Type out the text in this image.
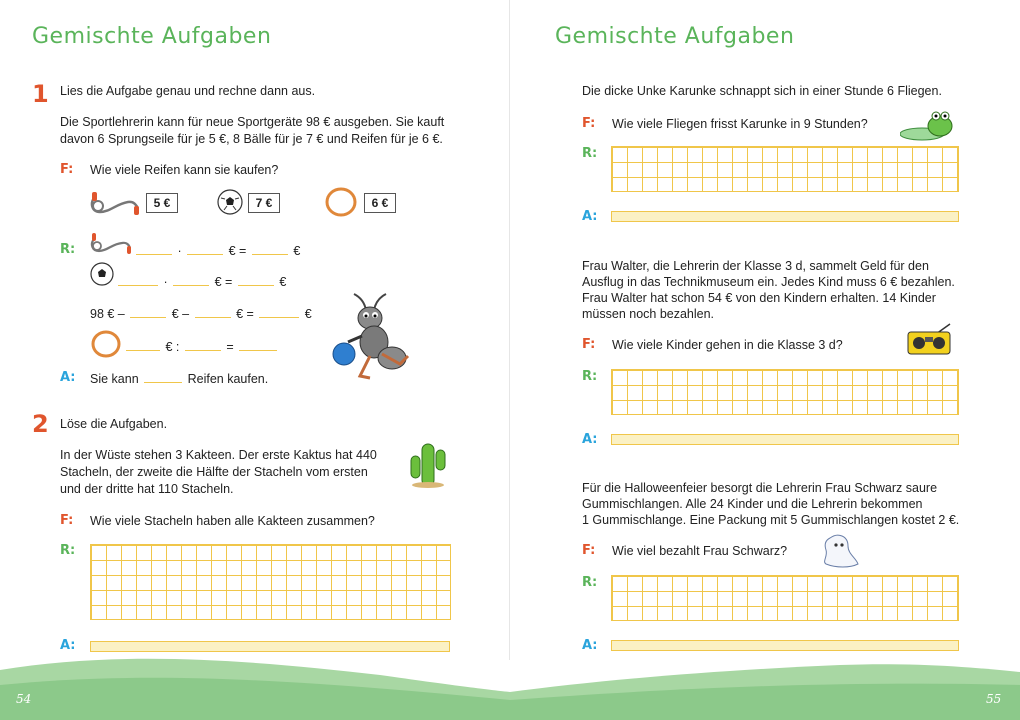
Gemischte Aufgaben
1 Lies die Aufgabe genau und rechne dann aus.
Die Sportlehrerin kann für neue Sportgeräte 98 € ausgeben. Sie kauft
davon 6 Sprungseile für je 5 €, 8 Bälle für je 7 € und Reifen für je 6 €.
F: Wie viele Reifen kann sie kaufen?
5 €	7 €	6 €
R:	·	€ =	€
·	€ =	€
98 € –	€ –	€ =	€
€ :	=
A: Sie kann	Reifen kaufen.
2 Löse die Aufgaben.
In der Wüste stehen 3 Kakteen. Der erste Kaktus hat 440
Stacheln, der zweite die Hälfte der Stacheln vom ersten
und der dritte hat 110 Stacheln.
F: Wie viele Stacheln haben alle Kakteen zusammen?
R:
A:
54
Gemischte Aufgaben
Die dicke Unke Karunke schnappt sich in einer Stunde 6 Fliegen.
F: Wie viele Fliegen frisst Karunke in 9 Stunden?
R:
A:
Frau Walter, die Lehrerin der Klasse 3 d, sammelt Geld für den
Ausflug in das Technikmuseum ein. Jedes Kind muss 6 € bezahlen.
Frau Walter hat schon 54 € von den Kindern erhalten. 14 Kinder
müssen noch bezahlen.
F: Wie viele Kinder gehen in die Klasse 3 d?
R:
A:
Für die Halloweenfeier besorgt die Lehrerin Frau Schwarz saure
Gummischlangen. Alle 24 Kinder und die Lehrerin bekommen
1 Gummischlange. Eine Packung mit 5 Gummischlangen kostet 2 €.
F: Wie viel bezahlt Frau Schwarz?
R:
A:
55
